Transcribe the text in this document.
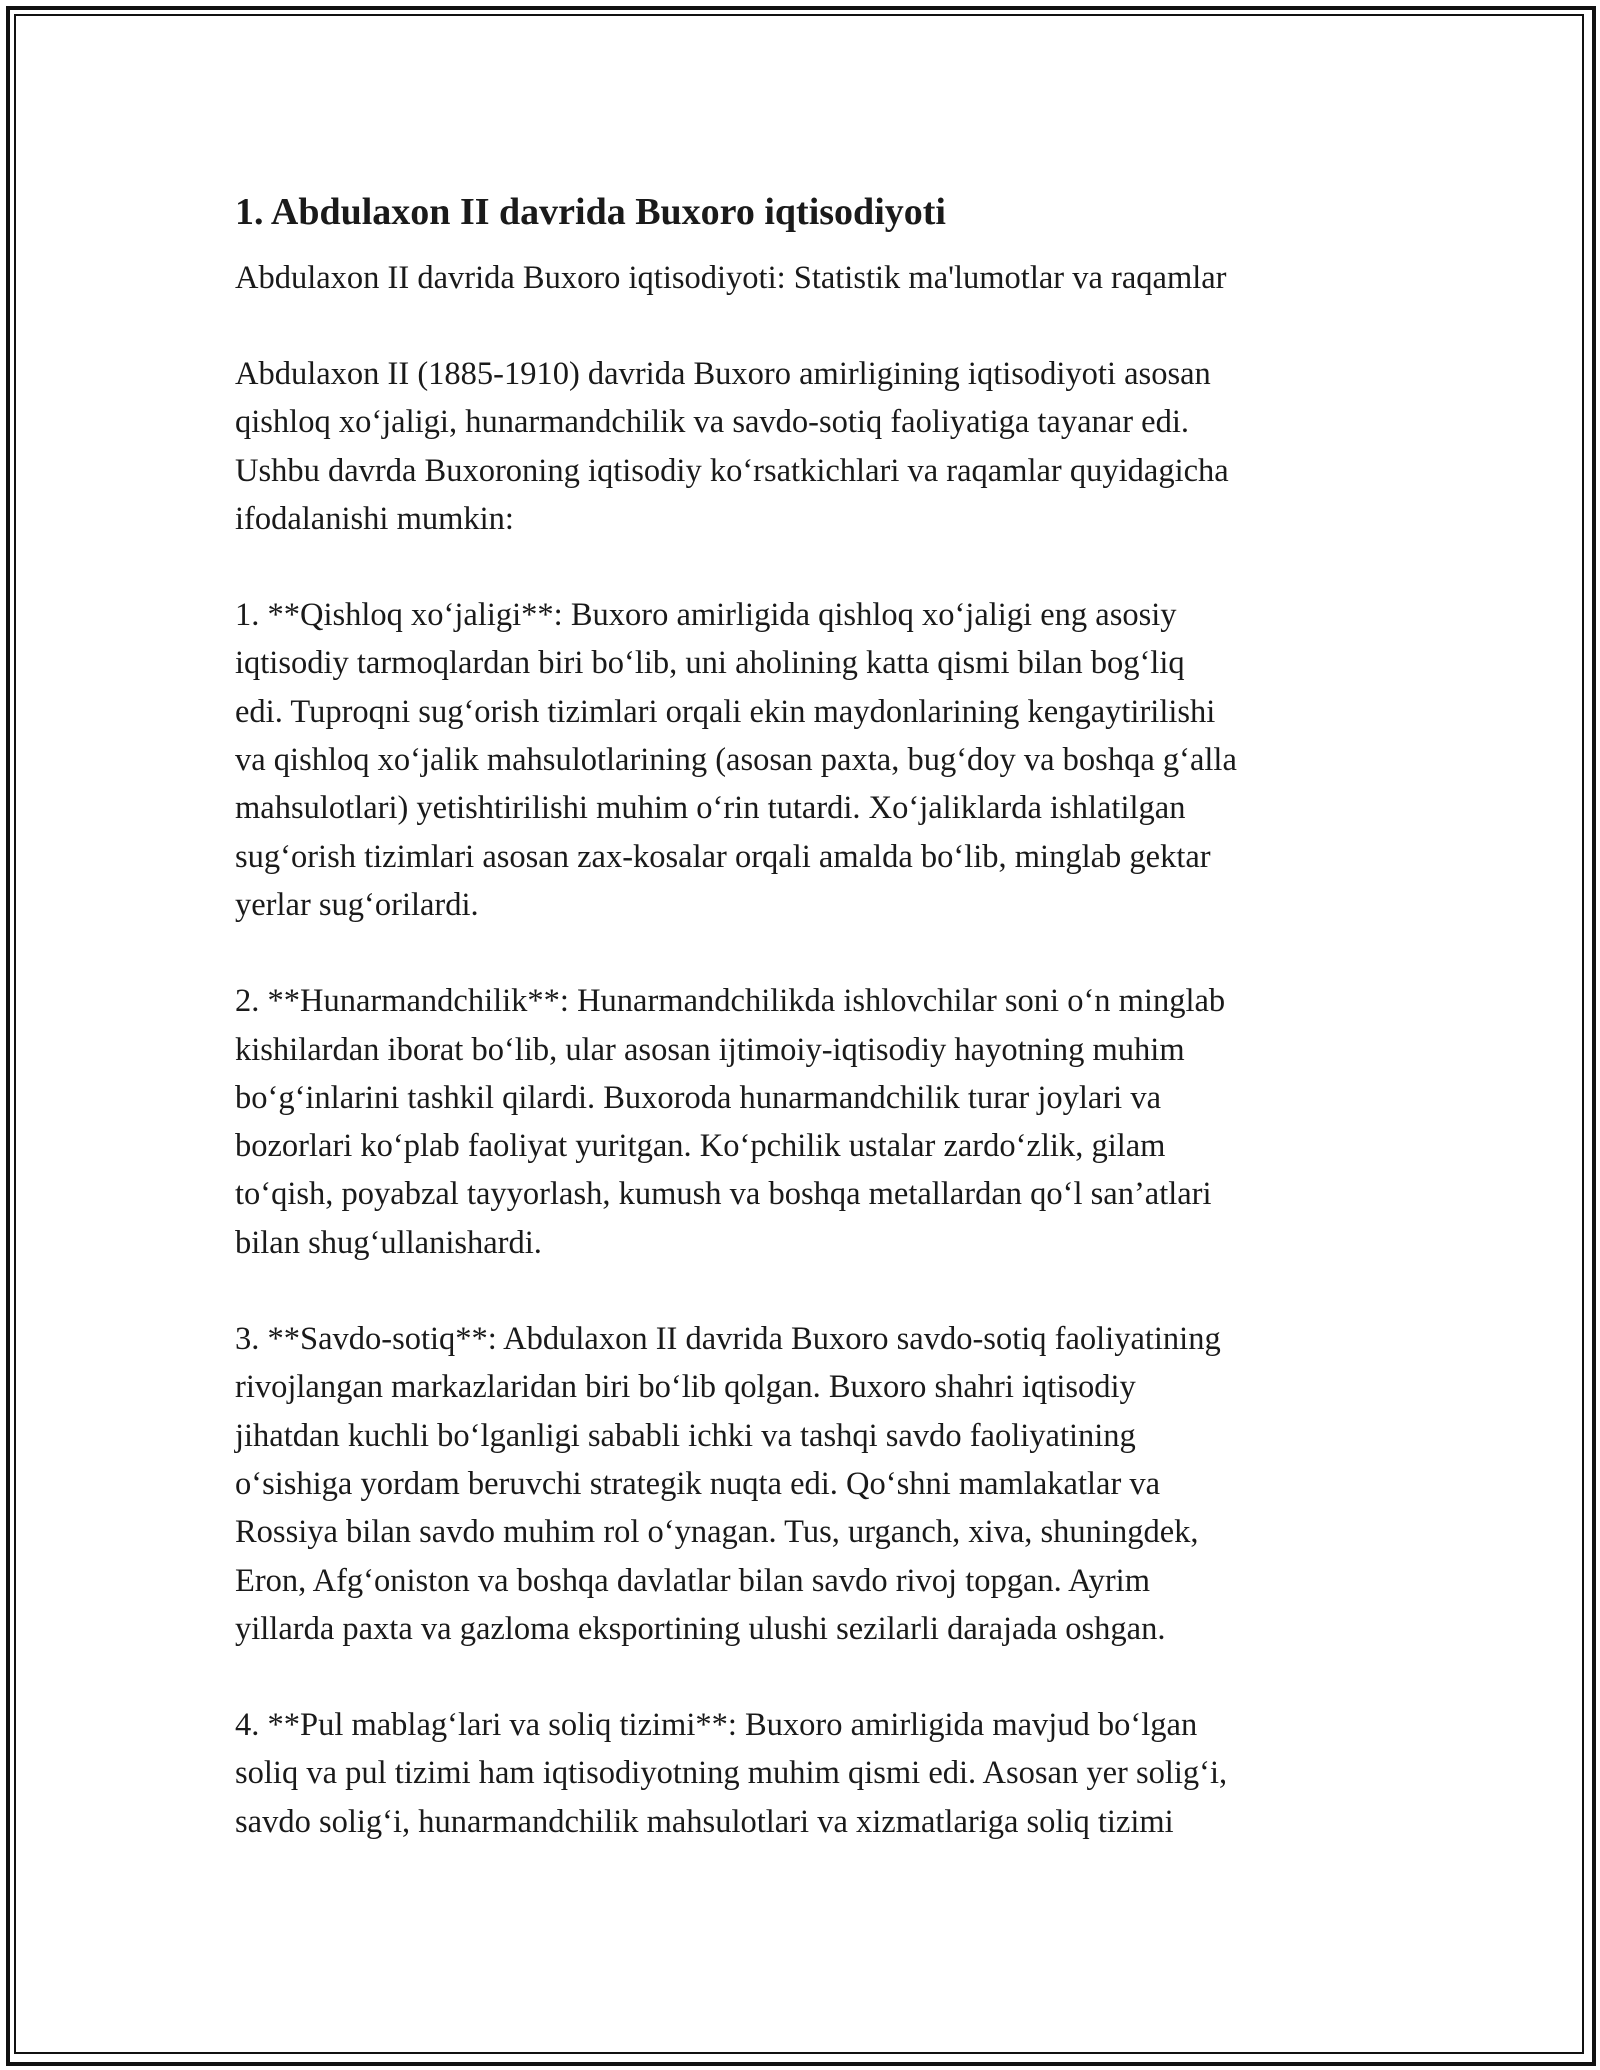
1. Abdulaxon II davrida Buxoro iqtisodiyoti

Abdulaxon II davrida Buxoro iqtisodiyoti: Statistik ma'lumotlar va raqamlar

Abdulaxon II (1885-1910) davrida Buxoro amirligining iqtisodiyoti asosan
qishloq xo‘jaligi, hunarmandchilik va savdo-sotiq faoliyatiga tayanar edi.
Ushbu davrda Buxoroning iqtisodiy ko‘rsatkichlari va raqamlar quyidagicha
ifodalanishi mumkin:

1. **Qishloq xo‘jaligi**: Buxoro amirligida qishloq xo‘jaligi eng asosiy
iqtisodiy tarmoqlardan biri bo‘lib, uni aholining katta qismi bilan bog‘liq
edi. Tuproqni sug‘orish tizimlari orqali ekin maydonlarining kengaytirilishi
va qishloq xo‘jalik mahsulotlarining (asosan paxta, bug‘doy va boshqa g‘alla
mahsulotlari) yetishtirilishi muhim o‘rin tutardi. Xo‘jaliklarda ishlatilgan
sug‘orish tizimlari asosan zax-kosalar orqali amalda bo‘lib, minglab gektar
yerlar sug‘orilardi.

2. **Hunarmandchilik**: Hunarmandchilikda ishlovchilar soni o‘n minglab
kishilardan iborat bo‘lib, ular asosan ijtimoiy-iqtisodiy hayotning muhim
bo‘g‘inlarini tashkil qilardi. Buxoroda hunarmandchilik turar joylari va
bozorlari ko‘plab faoliyat yuritgan. Ko‘pchilik ustalar zardo‘zlik, gilam
to‘qish, poyabzal tayyorlash, kumush va boshqa metallardan qo‘l san’atlari
bilan shug‘ullanishardi.

3. **Savdo-sotiq**: Abdulaxon II davrida Buxoro savdo-sotiq faoliyatining
rivojlangan markazlaridan biri bo‘lib qolgan. Buxoro shahri iqtisodiy
jihatdan kuchli bo‘lganligi sababli ichki va tashqi savdo faoliyatining
o‘sishiga yordam beruvchi strategik nuqta edi. Qo‘shni mamlakatlar va
Rossiya bilan savdo muhim rol o‘ynagan. Tus, urganch, xiva, shuningdek,
Eron, Afg‘oniston va boshqa davlatlar bilan savdo rivoj topgan. Ayrim
yillarda paxta va gazloma eksportining ulushi sezilarli darajada oshgan.

4. **Pul mablag‘lari va soliq tizimi**: Buxoro amirligida mavjud bo‘lgan
soliq va pul tizimi ham iqtisodiyotning muhim qismi edi. Asosan yer solig‘i,
savdo solig‘i, hunarmandchilik mahsulotlari va xizmatlariga soliq tizimi
